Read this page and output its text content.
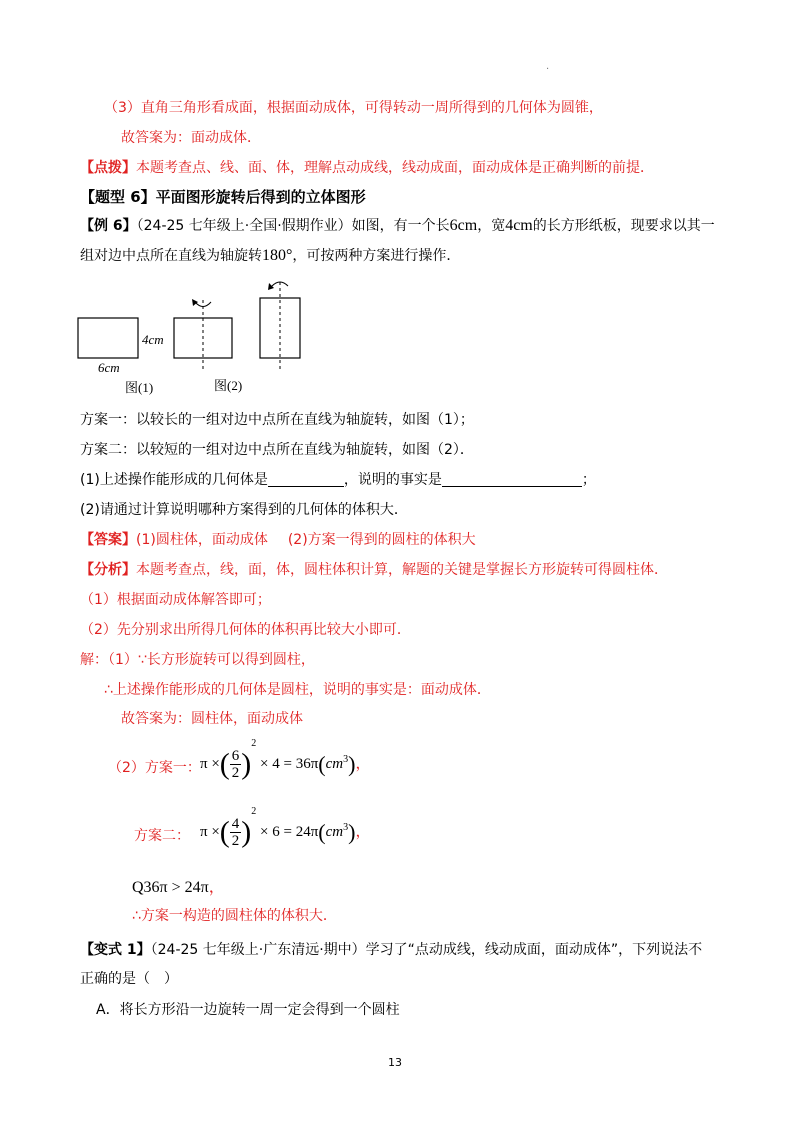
·
（3）直角三角形看成面，根据面动成体，可得转动一周所得到的几何体为圆锥，
故答案为：面动成体．
【点拨】本题考查点、线、面、体，理解点动成线，线动成面，面动成体是正确判断的前提．
【题型 6】平面图形旋转后得到的立体图形
【例 6】（24-25 七年级上·全国·假期作业）如图，有一个长6cm，宽4cm的长方形纸板，现要求以其一
组对边中点所在直线为轴旋转180°，可按两种方案进行操作．
4cm
6cm
图(1)	图(2)
方案一：以较长的一组对边中点所在直线为轴旋转，如图（1）；
方案二：以较短的一组对边中点所在直线为轴旋转，如图（2）．
(1)上述操作能形成的几何体是	，说明的事实是	；
(2)请通过计算说明哪种方案得到的几何体的体积大．
【答案】(1)圆柱体，面动成体 (2)方案一得到的圆柱的体积大
【分析】本题考查点，线，面，体，圆柱体积计算，解题的关键是掌握长方形旋转可得圆柱体．
（1）根据面动成体解答即可；
（2）先分别求出所得几何体的体积再比较大小即可．
解：（1）∵长方形旋转可以得到圆柱，
∴上述操作能形成的几何体是圆柱，说明的事实是：面动成体．
故答案为：圆柱体，面动成体
（2）方案一： π ×( $\frac{6}{2} )^2 \times 4 = 36\pi(cm^3)$，
方案二： π ×( $\frac{4}{2} )^2 \times 6 = 24\pi(cm^3)$，
Q36π > 24π，
∴方案一构造的圆柱体的体积大．
【变式 1】（24-25 七年级上·广东清远·期中）学习了“点动成线，线动成面，面动成体”，下列说法不
正确的是（　）
A．将长方形沿一边旋转一周一定会得到一个圆柱
13
